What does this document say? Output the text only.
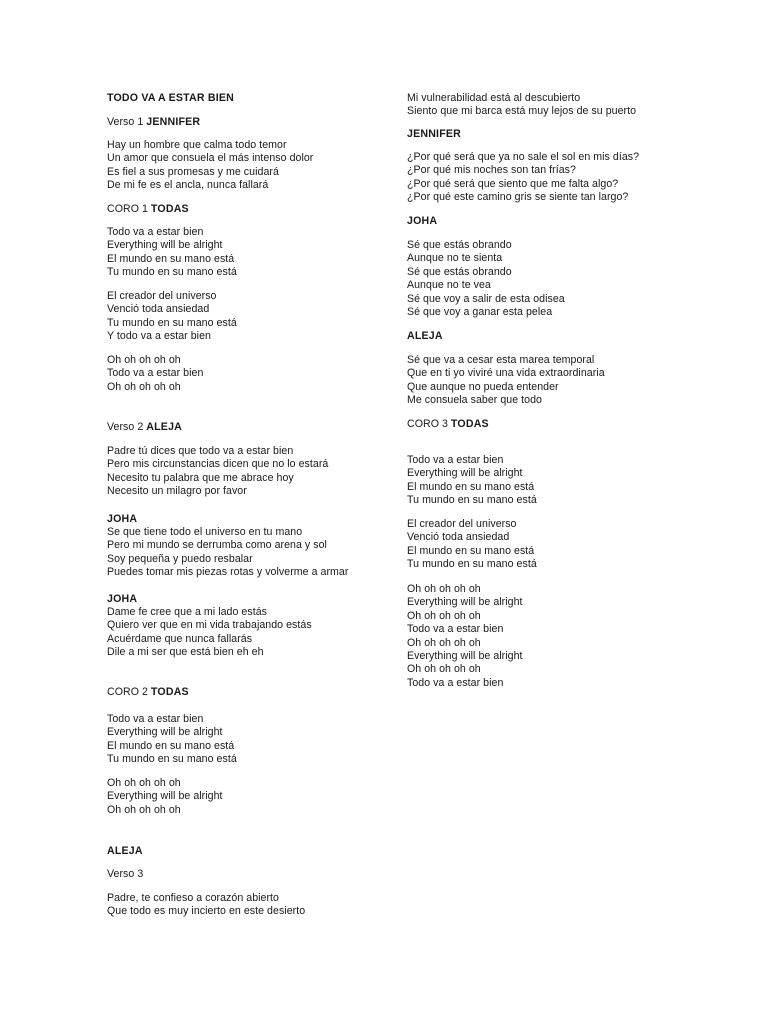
TODO VA A ESTAR BIEN
Verso 1 JENNIFER
Hay un hombre que calma todo temor
Un amor que consuela el más intenso dolor
Es fiel a sus promesas y me cuidará
De mi fe es el ancla, nunca fallará
CORO 1 TODAS
Todo va a estar bien
Everything will be alright
El mundo en su mano está
Tu mundo en su mano está
El creador del universo
Venció toda ansiedad
Tu mundo en su mano está
Y todo va a estar bien
Oh oh oh oh oh
Todo va a estar bien
Oh oh oh oh oh
Verso 2 ALEJA
Padre tú dices que todo va a estar bien
Pero mis circunstancias dicen que no lo estará
Necesito tu palabra que me abrace hoy
Necesito un milagro por favor
JOHA
Se que tiene todo el universo en tu mano
Pero mi mundo se derrumba como arena y sol
Soy pequeña y puedo resbalar
Puedes tomar mis piezas rotas y volverme a armar
JOHA
Dame fe cree que a mi lado estás
Quiero ver que en mi vida trabajando estás
Acuérdame que nunca fallarás
Dile a mi ser que está bien eh eh
CORO 2 TODAS
Todo va a estar bien
Everything will be alright
El mundo en su mano está
Tu mundo en su mano está
Oh oh oh oh oh
Everything will be alright
Oh oh oh oh oh
ALEJA
Verso 3
Padre, te confieso a corazón abierto
Que todo es muy incierto en este desierto
Mi vulnerabilidad está al descubierto
Siento que mi barca está muy lejos de su puerto
JENNIFER
¿Por qué será que ya no sale el sol en mis días?
¿Por qué mis noches son tan frías?
¿Por qué será que siento que me falta algo?
¿Por qué este camino gris se siente tan largo?
JOHA
Sé que estás obrando
Aunque no te sienta
Sé que estás obrando
Aunque no te vea
Sé que voy a salir de esta odisea
Sé que voy a ganar esta pelea
ALEJA
Sé que va a cesar esta marea temporal
Que en ti yo viviré una vida extraordinaria
Que aunque no pueda entender
Me consuela saber que todo
CORO 3 TODAS
Todo va a estar bien
Everything will be alright
El mundo en su mano está
Tu mundo en su mano está
El creador del universo
Venció toda ansiedad
El mundo en su mano está
Tu mundo en su mano está
Oh oh oh oh oh
Everything will be alright
Oh oh oh oh oh
Todo va a estar bien
Oh oh oh oh oh
Everything will be alright
Oh oh oh oh oh
Todo va a estar bien
